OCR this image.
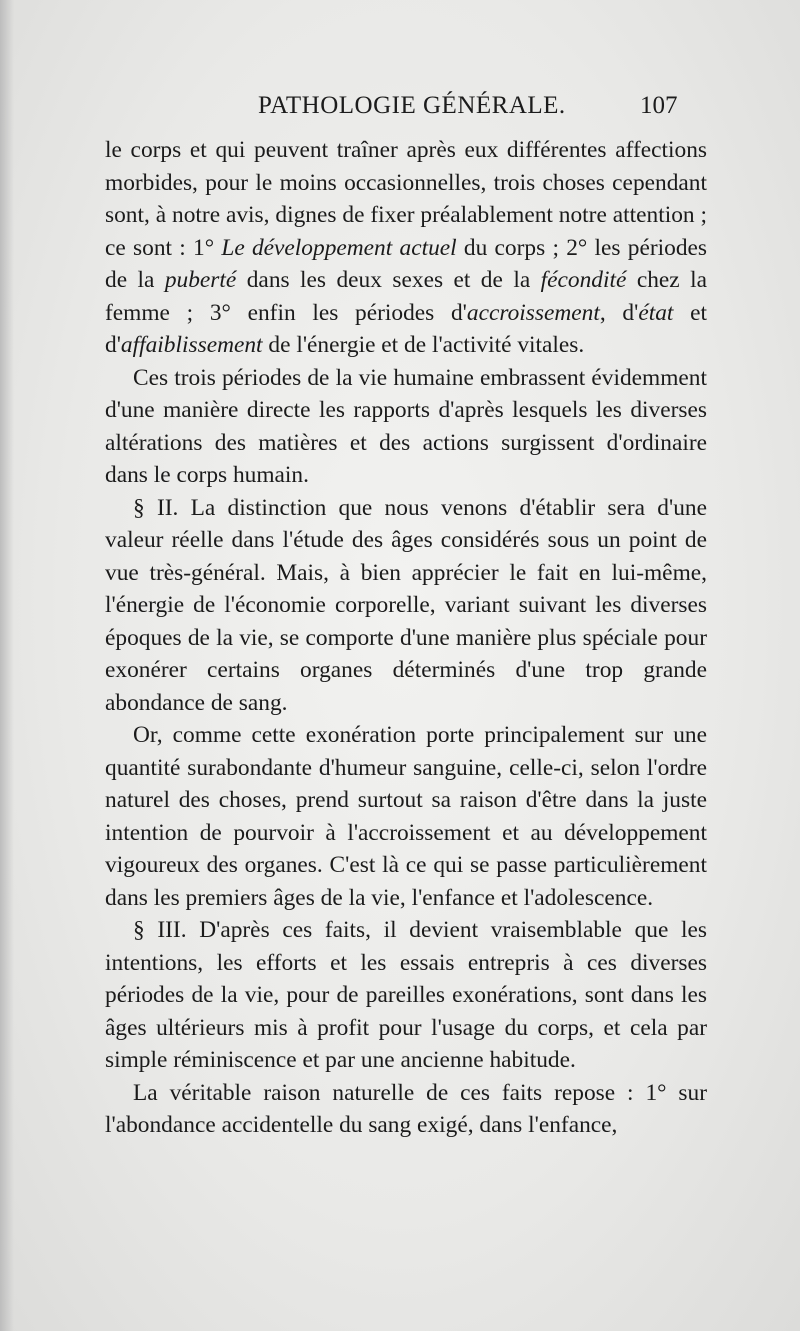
PATHOLOGIE GÉNÉRALE.	107

le corps et qui peuvent traîner après eux différentes affections morbides, pour le moins occasionnelles, trois choses cependant sont, à notre avis, dignes de fixer préalablement notre attention ; ce sont : 1° Le développement actuel du corps ; 2° les périodes de la puberté dans les deux sexes et de la fécondité chez la femme ; 3° enfin les périodes d'accroissement, d'état et d'affaiblissement de l'énergie et de l'activité vitales.

Ces trois périodes de la vie humaine embrassent évidemment d'une manière directe les rapports d'après lesquels les diverses altérations des matières et des actions surgissent d'ordinaire dans le corps humain.

§ II. La distinction que nous venons d'établir sera d'une valeur réelle dans l'étude des âges considérés sous un point de vue très-général. Mais, à bien apprécier le fait en lui-même, l'énergie de l'économie corporelle, variant suivant les diverses époques de la vie, se comporte d'une manière plus spéciale pour exonérer certains organes déterminés d'une trop grande abondance de sang.

Or, comme cette exonération porte principalement sur une quantité surabondante d'humeur sanguine, celle-ci, selon l'ordre naturel des choses, prend surtout sa raison d'être dans la juste intention de pourvoir à l'accroissement et au développement vigoureux des organes. C'est là ce qui se passe particulièrement dans les premiers âges de la vie, l'enfance et l'adolescence.

§ III. D'après ces faits, il devient vraisemblable que les intentions, les efforts et les essais entrepris à ces diverses périodes de la vie, pour de pareilles exonérations, sont dans les âges ultérieurs mis à profit pour l'usage du corps, et cela par simple réminiscence et par une ancienne habitude.

La véritable raison naturelle de ces faits repose : 1° sur l'abondance accidentelle du sang exigé, dans l'enfance,
